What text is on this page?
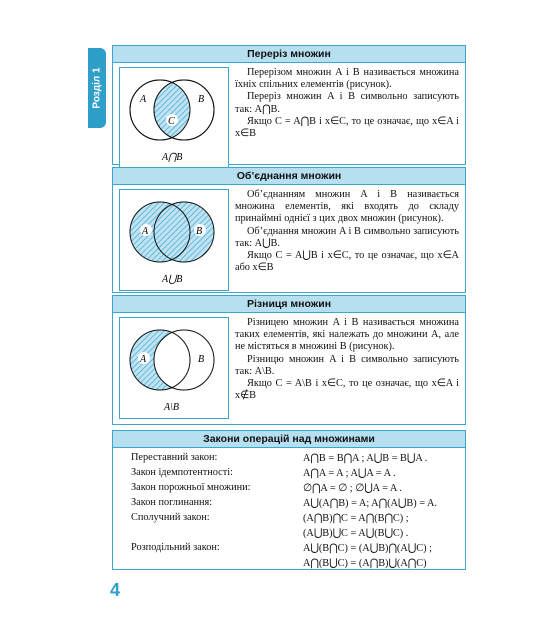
Розділ 1
Переріз множин
A	B
C
A⋂B

Перерізом множин A і B називається множина їхніх спільних елементів (рисунок).

Переріз множин A і B символьно записують так: A⋂B.

Якщо C = A⋂B і x∈C, то це означає, що x∈A і x∈B

Об’єднання множин
A	B
A⋃B

Об’єднанням множин A і B називається множина елементів, які входять до складу принаймні однієї з цих двох множин (рисунок).

Об’єднання множин A і B символьно записують так: A⋃B.

Якщо C = A⋃B і x∈C, то це означає, що x∈A або x∈B

Різниця множин
A	B
A\B

Різницею множин A і B називається множина таких елементів, які належать до множини A, але не містяться в множині B (рисунок).

Різницю множин A і B символьно записують так: A\B.

Якщо C = A\B і x∈C, то це означає, що x∈A і x∉B

Закони операцій над множинами
Переставний закон:	A⋂B = B⋂A ; A⋃B = B⋃A .
Закон ідемпотентності:	A⋂A = A ; A⋃A = A .
Закон порожньої множини:	∅⋂A = ∅ ; ∅⋃A = A .
Закон поглинання:	A⋃(A⋂B) = A; A⋂(A⋃B) = A.
Сполучний закон:	(A⋂B)⋂C = A⋂(B⋂C) ;
	(A⋃B)⋃C = A⋃(B⋃C) .
Розподільний закон:	A⋃(B⋂C) = (A⋃B)⋂(A⋃C) ;
	A⋂(B⋃C) = (A⋂B)⋃(A⋂C)
4
